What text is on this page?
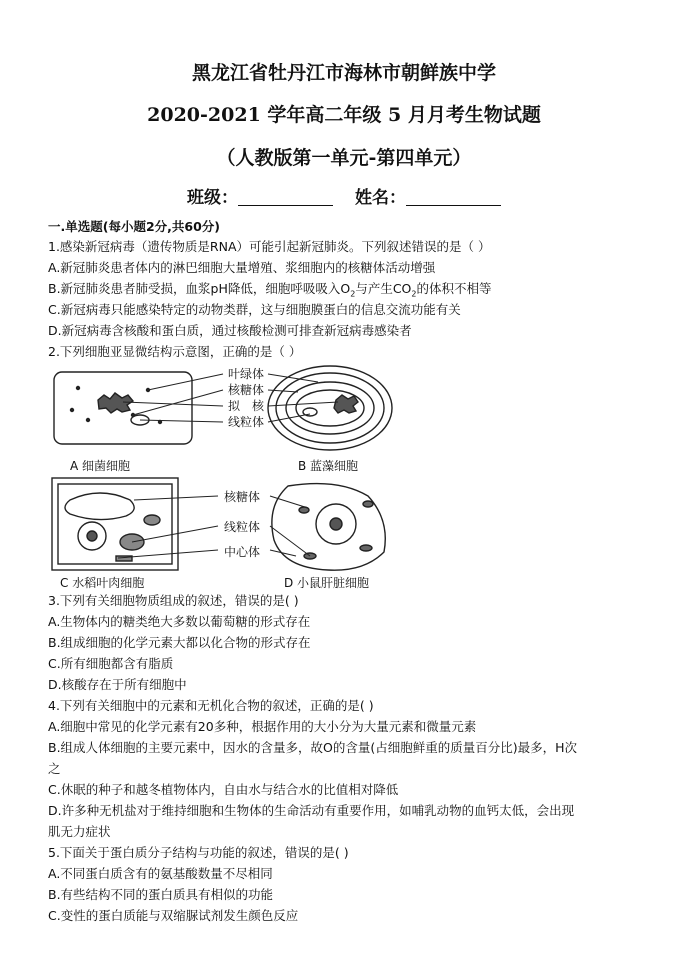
黑龙江省牡丹江市海林市朝鲜族中学
2020-2021 学年高二年级 5 月月考生物试题
（人教版第一单元-第四单元）
班级：	姓名：
一.单选题(每小题2分,共60分)
1.感染新冠病毒（遗传物质是RNA）可能引起新冠肺炎。下列叙述错误的是（ ）
A.新冠肺炎患者体内的淋巴细胞大量增殖、浆细胞内的核糖体活动增强
B.新冠肺炎患者肺受损，血浆pH降低，细胞呼吸吸入$O_2$与产生$CO_2$的体积不相等
C.新冠病毒只能感染特定的动物类群，这与细胞膜蛋白的信息交流功能有关
D.新冠病毒含核酸和蛋白质，通过核酸检测可排查新冠病毒感染者
2.下列细胞亚显微结构示意图，正确的是（ ）
叶绿体
核糖体
拟　核
线粒体
A 细菌细胞	B 蓝藻细胞
核糖体
线粒体
中心体
C 水稻叶肉细胞	D 小鼠肝脏细胞
3.下列有关细胞物质组成的叙述，错误的是( )
A.生物体内的糖类绝大多数以葡萄糖的形式存在
B.组成细胞的化学元素大都以化合物的形式存在
C.所有细胞都含有脂质
D.核酸存在于所有细胞中
4.下列有关细胞中的元素和无机化合物的叙述，正确的是( )
A.细胞中常见的化学元素有20多种，根据作用的大小分为大量元素和微量元素
B.组成人体细胞的主要元素中，因水的含量多，故O的含量(占细胞鲜重的质量百分比)最多，H次
之
C.休眠的种子和越冬植物体内，自由水与结合水的比值相对降低
D.许多种无机盐对于维持细胞和生物体的生命活动有重要作用，如哺乳动物的血钙太低，会出现
肌无力症状
5.下面关于蛋白质分子结构与功能的叙述，错误的是( )
A.不同蛋白质含有的氨基酸数量不尽相同
B.有些结构不同的蛋白质具有相似的功能
C.变性的蛋白质能与双缩脲试剂发生颜色反应
